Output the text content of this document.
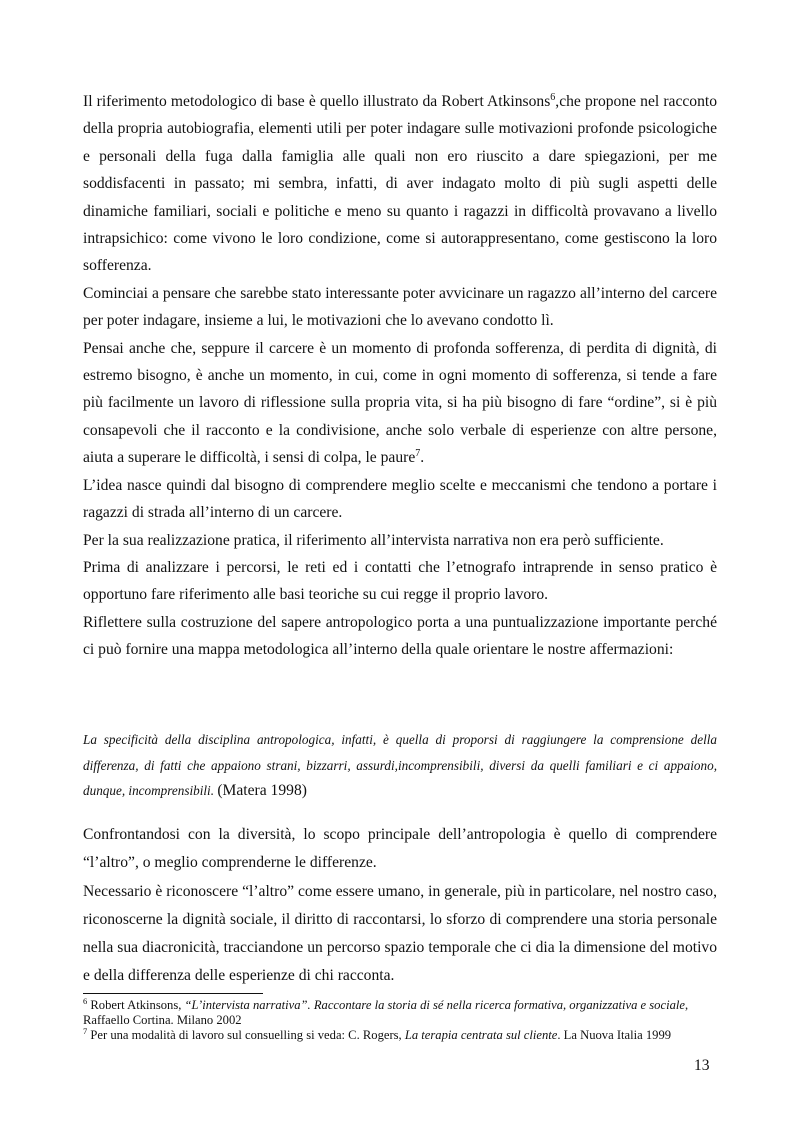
Il riferimento metodologico di base è quello illustrato da Robert Atkinsons$^6$,che propone nel racconto della propria autobiografia, elementi utili per poter indagare sulle motivazioni profonde psicologiche e personali della fuga dalla famiglia alle quali non ero riuscito a dare spiegazioni, per me soddisfacenti in passato; mi sembra, infatti, di aver indagato molto di più sugli aspetti delle dinamiche familiari, sociali e politiche e meno su quanto i ragazzi in difficoltà provavano a livello intrapsichico: come vivono le loro condizione, come si autorappresentano, come gestiscono la loro sofferenza.

Cominciai a pensare che sarebbe stato interessante poter avvicinare un ragazzo all’interno del carcere per poter indagare, insieme a lui, le motivazioni che lo avevano condotto lì.

Pensai anche che, seppure il carcere è un momento di profonda sofferenza, di perdita di dignità, di estremo bisogno, è anche un momento, in cui, come in ogni momento di sofferenza, si tende a fare più facilmente un lavoro di riflessione sulla propria vita, si ha più bisogno di fare “ordine”, si è più consapevoli che il racconto e la condivisione, anche solo verbale di esperienze con altre persone, aiuta a superare le difficoltà, i sensi di colpa, le paure$^7$.

L’idea nasce quindi dal bisogno di comprendere meglio scelte e meccanismi che tendono a portare i ragazzi di strada all’interno di un carcere.

Per la sua realizzazione pratica, il riferimento all’intervista narrativa non era però sufficiente.

Prima di analizzare i percorsi, le reti ed i contatti che l’etnografo intraprende in senso pratico è opportuno fare riferimento alle basi teoriche su cui regge il proprio lavoro.

Riflettere sulla costruzione del sapere antropologico porta a una puntualizzazione importante perché ci può fornire una mappa metodologica all’interno della quale orientare le nostre affermazioni:

La specificità della disciplina antropologica, infatti, è quella di proporsi di raggiungere la comprensione della differenza, di fatti che appaiono strani, bizzarri, assurdi,incomprensibili, diversi da quelli familiari e ci appaiono, dunque, incomprensibili. (Matera 1998)

Confrontandosi con la diversità, lo scopo principale dell’antropologia è quello di comprendere “l’altro”, o meglio comprenderne le differenze.

Necessario è riconoscere “l’altro” come essere umano, in generale, più in particolare, nel nostro caso, riconoscerne la dignità sociale, il diritto di raccontarsi, lo sforzo di comprendere una storia personale nella sua diacronicità, tracciandone un percorso spazio temporale che ci dia la dimensione del motivo e della differenza delle esperienze di chi racconta.

$^6$ Robert Atkinsons, “L’intervista narrativa”. Raccontare la storia di sé nella ricerca formativa, organizzativa e sociale, Raffaello Cortina. Milano 2002

$^7$ Per una modalità di lavoro sul consuelling si veda: C. Rogers, La terapia centrata sul cliente. La Nuova Italia 1999

13
